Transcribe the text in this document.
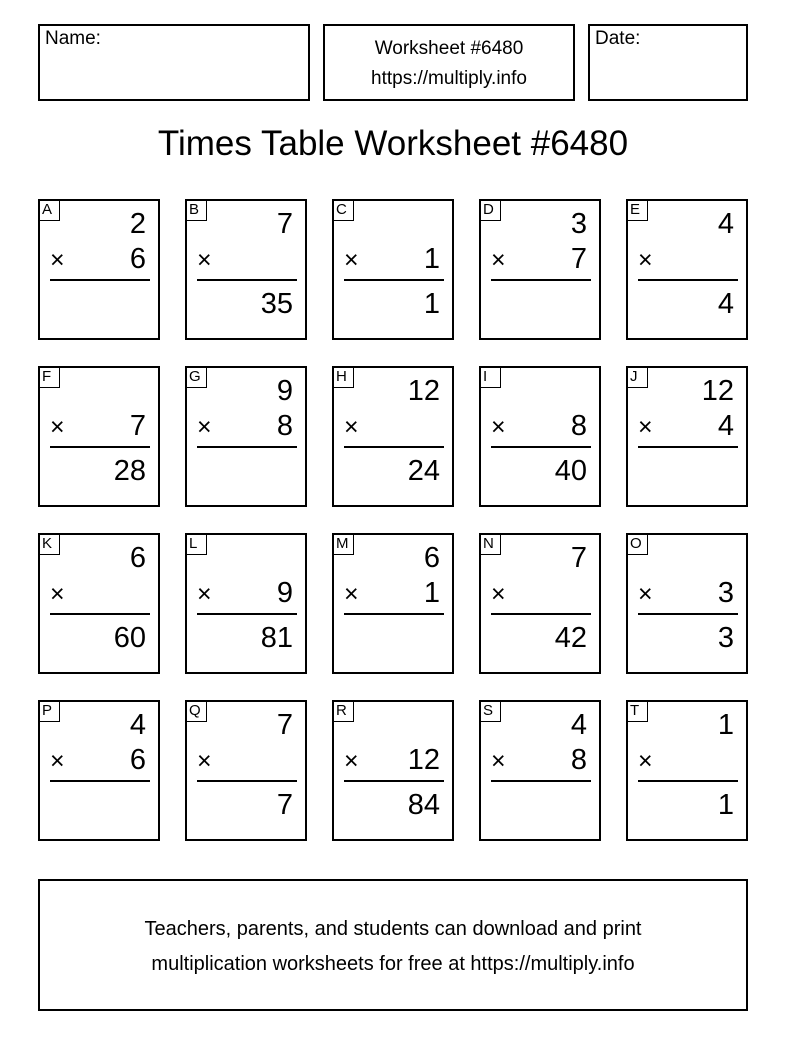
Name:	Worksheet #6480
https://multiply.info
Date:
Times Table Worksheet #6480
A	2
× 6
B	7
×
35
C
× 1
1
D	3
× 7
E	4
×
4
F
× 7
28
G	9
× 8
H 12
×
24
I
× 8
40
J	12
× 4
K	6
×
60
L
× 9
81
M	6
× 1
N	7
×
42
O
× 3
3
P	4
× 6
Q	7
×
7
R
× 12
84
S	4
× 8
T	1
×
1
Teachers, parents, and students can download and print
multiplication worksheets for free at https://multiply.info
